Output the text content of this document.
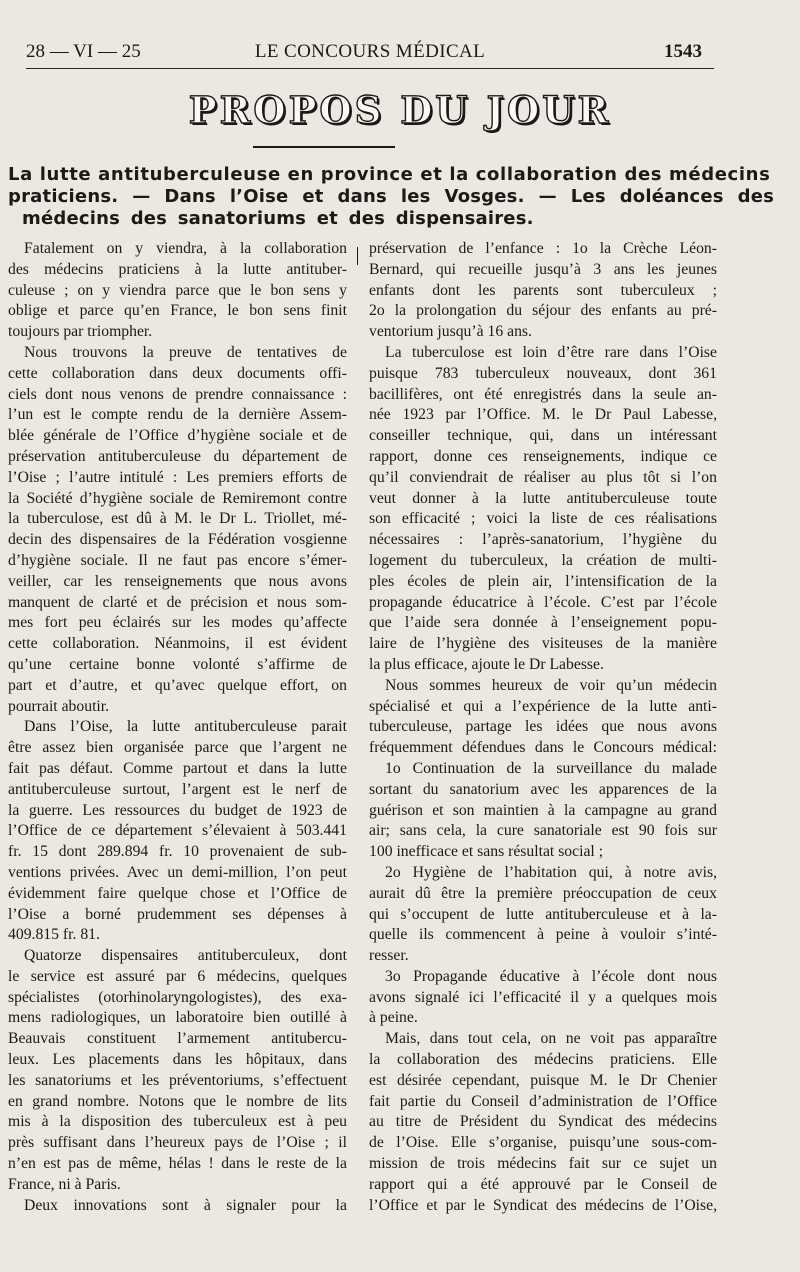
28 — VI — 25	LE CONCOURS MÉDICAL	1543
PROPOS DU JOUR
La lutte antituberculeuse en province et la collaboration des médecins
praticiens. — Dans l’Oise et dans les Vosges. — Les doléances des
médecins des sanatoriums et des dispensaires.
Fatalement on y viendra, à la collaboration
des médecins praticiens à la lutte antituber-
culeuse ; on y viendra parce que le bon sens y
oblige et parce qu’en France, le bon sens finit
toujours par triompher.
Nous trouvons la preuve de tentatives de
cette collaboration dans deux documents offi-
ciels dont nous venons de prendre connaissance :
l’un est le compte rendu de la dernière Assem-
blée générale de l’Office d’hygiène sociale et de
préservation antituberculeuse du département de
l’Oise ; l’autre intitulé : Les premiers efforts de
la Société d’hygiène sociale de Remiremont contre
la tuberculose, est dû à M. le Dr L. Triollet, mé-
decin des dispensaires de la Fédération vosgienne
d’hygiène sociale. Il ne faut pas encore s’émer-
veiller, car les renseignements que nous avons
manquent de clarté et de précision et nous som-
mes fort peu éclairés sur les modes qu’affecte
cette collaboration. Néanmoins, il est évident
qu’une certaine bonne volonté s’affirme de
part et d’autre, et qu’avec quelque effort, on
pourrait aboutir.
Dans l’Oise, la lutte antituberculeuse parait
être assez bien organisée parce que l’argent ne
fait pas défaut. Comme partout et dans la lutte
antituberculeuse surtout, l’argent est le nerf de
la guerre. Les ressources du budget de 1923 de
l’Office de ce département s’élevaient à 503.441
fr. 15 dont 289.894 fr. 10 provenaient de sub-
ventions privées. Avec un demi-million, l’on peut
évidemment faire quelque chose et l’Office de
l’Oise a borné prudemment ses dépenses à
409.815 fr. 81.
Quatorze dispensaires antituberculeux, dont
le service est assuré par 6 médecins, quelques
spécialistes (otorhinolaryngologistes), des exa-
mens radiologiques, un laboratoire bien outillé à
Beauvais constituent l’armement antitubercu-
leux. Les placements dans les hôpitaux, dans
les sanatoriums et les préventoriums, s’effectuent
en grand nombre. Notons que le nombre de lits
mis à la disposition des tuberculeux est à peu
près suffisant dans l’heureux pays de l’Oise ; il
n’en est pas de même, hélas ! dans le reste de la
France, ni à Paris.
Deux innovations sont à signaler pour la
préservation de l’enfance : 1o la Crèche Léon-
Bernard, qui recueille jusqu’à 3 ans les jeunes
enfants dont les parents sont tuberculeux ;
2o la prolongation du séjour des enfants au pré-
ventorium jusqu’à 16 ans.
La tuberculose est loin d’être rare dans l’Oise
puisque 783 tuberculeux nouveaux, dont 361
bacillifères, ont été enregistrés dans la seule an-
née 1923 par l’Office. M. le Dr Paul Labesse,
conseiller technique, qui, dans un intéressant
rapport, donne ces renseignements, indique ce
qu’il conviendrait de réaliser au plus tôt si l’on
veut donner à la lutte antituberculeuse toute
son efficacité ; voici la liste de ces réalisations
nécessaires : l’après-sanatorium, l’hygiène du
logement du tuberculeux, la création de multi-
ples écoles de plein air, l’intensification de la
propagande éducatrice à l’école. C’est par l’école
que l’aide sera donnée à l’enseignement popu-
laire de l’hygiène des visiteuses de la manière
la plus efficace, ajoute le Dr Labesse.
Nous sommes heureux de voir qu’un médecin
spécialisé et qui a l’expérience de la lutte anti-
tuberculeuse, partage les idées que nous avons
fréquemment défendues dans le Concours médical:
1o Continuation de la surveillance du malade
sortant du sanatorium avec les apparences de la
guérison et son maintien à la campagne au grand
air; sans cela, la cure sanatoriale est 90 fois sur
100 inefficace et sans résultat social ;
2o Hygiène de l’habitation qui, à notre avis,
aurait dû être la première préoccupation de ceux
qui s’occupent de lutte antituberculeuse et à la-
quelle ils commencent à peine à vouloir s’inté-
resser.
3o Propagande éducative à l’école dont nous
avons signalé ici l’efficacité il y a quelques mois
à peine.
Mais, dans tout cela, on ne voit pas apparaître
la collaboration des médecins praticiens. Elle
est désirée cependant, puisque M. le Dr Chenier
fait partie du Conseil d’administration de l’Office
au titre de Président du Syndicat des médecins
de l’Oise. Elle s’organise, puisqu’une sous-com-
mission de trois médecins fait sur ce sujet un
rapport qui a été approuvé par le Conseil de
l’Office et par le Syndicat des médecins de l’Oise,
